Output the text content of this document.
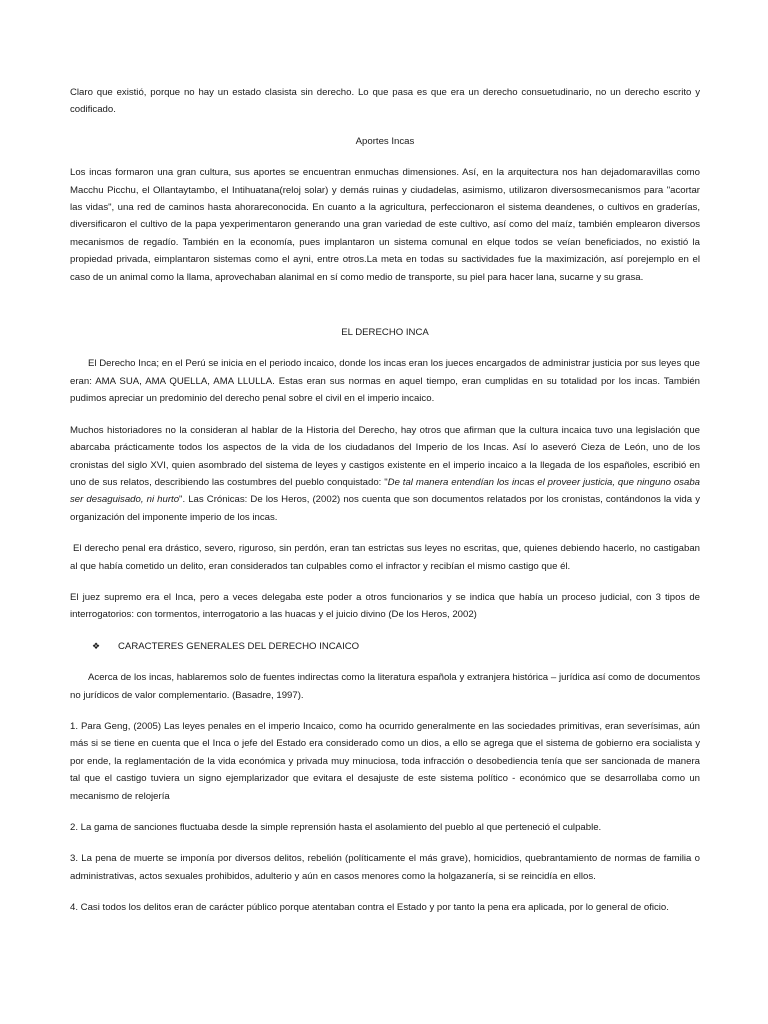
Claro que existió, porque no hay un estado clasista sin derecho. Lo que pasa es que era un derecho consuetudinario, no un derecho escrito y codificado.

Aportes Incas

Los incas formaron una gran cultura, sus aportes se encuentran enmuchas dimensiones. Así, en la arquitectura nos han dejadomaravillas como Macchu Picchu, el Ollantaytambo, el Intihuatana(reloj solar) y demás ruinas y ciudadelas, asimismo, utilizaron diversosmecanismos para "acortar las vidas", una red de caminos hasta ahorareconocida. En cuanto a la agricultura, perfeccionaron el sistema deandenes, o cultivos en graderías, diversificaron el cultivo de la papa yexperimentaron generando una gran variedad de este cultivo, así como del maíz, también emplearon diversos mecanismos de regadío. También en la economía, pues implantaron un sistema comunal en elque todos se veían beneficiados, no existió la propiedad privada, eimplantaron sistemas como el ayni, entre otros.La meta en todas su sactividades fue la maximización, así porejemplo en el caso de un animal como la llama, aprovechaban alanimal en sí como medio de transporte, su piel para hacer lana, sucarne y su grasa.

EL DERECHO INCA

El Derecho Inca; en el Perú se inicia en el periodo incaico, donde los incas eran los jueces encargados de administrar justicia por sus leyes que eran: AMA SUA, AMA QUELLA, AMA LLULLA. Estas eran sus normas en aquel tiempo, eran cumplidas en su totalidad por los incas. También pudimos apreciar un predominio del derecho penal sobre el civil en el imperio incaico.

Muchos historiadores no la consideran al hablar de la Historia del Derecho, hay otros que afirman que la cultura incaica tuvo una legislación que abarcaba prácticamente todos los aspectos de la vida de los ciudadanos del Imperio de los Incas. Así lo aseveró Cieza de León, uno de los cronistas del siglo XVI, quien asombrado del sistema de leyes y castigos existente en el imperio incaico a la llegada de los españoles, escribió en uno de sus relatos, describiendo las costumbres del pueblo conquistado: "De tal manera entendían los incas el proveer justicia, que ninguno osaba ser desaguisado, ni hurto". Las Crónicas: De los Heros, (2002) nos cuenta que son documentos relatados por los cronistas, contándonos la vida y organización del imponente imperio de los incas.

El derecho penal era drástico, severo, riguroso, sin perdón, eran tan estrictas sus leyes no escritas, que, quienes debiendo hacerlo, no castigaban al que había cometido un delito, eran considerados tan culpables como el infractor y recibían el mismo castigo que él.

El juez supremo era el Inca, pero a veces delegaba este poder a otros funcionarios y se indica que había un proceso judicial, con 3 tipos de interrogatorios: con tormentos, interrogatorio a las huacas y el juicio divino (De los Heros, 2002)

❖ CARACTERES GENERALES DEL DERECHO INCAICO

Acerca de los incas, hablaremos solo de fuentes indirectas como la literatura española y extranjera histórica – jurídica así como de documentos no jurídicos de valor complementario. (Basadre, 1997).

1. Para Geng, (2005) Las leyes penales en el imperio Incaico, como ha ocurrido generalmente en las sociedades primitivas, eran severísimas, aún más si se tiene en cuenta que el Inca o jefe del Estado era considerado como un dios, a ello se agrega que el sistema de gobierno era socialista y por ende, la reglamentación de la vida económica y privada muy minuciosa, toda infracción o desobediencia tenía que ser sancionada de manera tal que el castigo tuviera un signo ejemplarizador que evitara el desajuste de este sistema político - económico que se desarrollaba como un mecanismo de relojería

2. La gama de sanciones fluctuaba desde la simple reprensión hasta el asolamiento del pueblo al que perteneció el culpable.

3. La pena de muerte se imponía por diversos delitos, rebelión (políticamente el más grave), homicidios, quebrantamiento de normas de familia o administrativas, actos sexuales prohibidos, adulterio y aún en casos menores como la holgazanería, si se reincidía en ellos.

4. Casi todos los delitos eran de carácter público porque atentaban contra el Estado y por tanto la pena era aplicada, por lo general de oficio.
